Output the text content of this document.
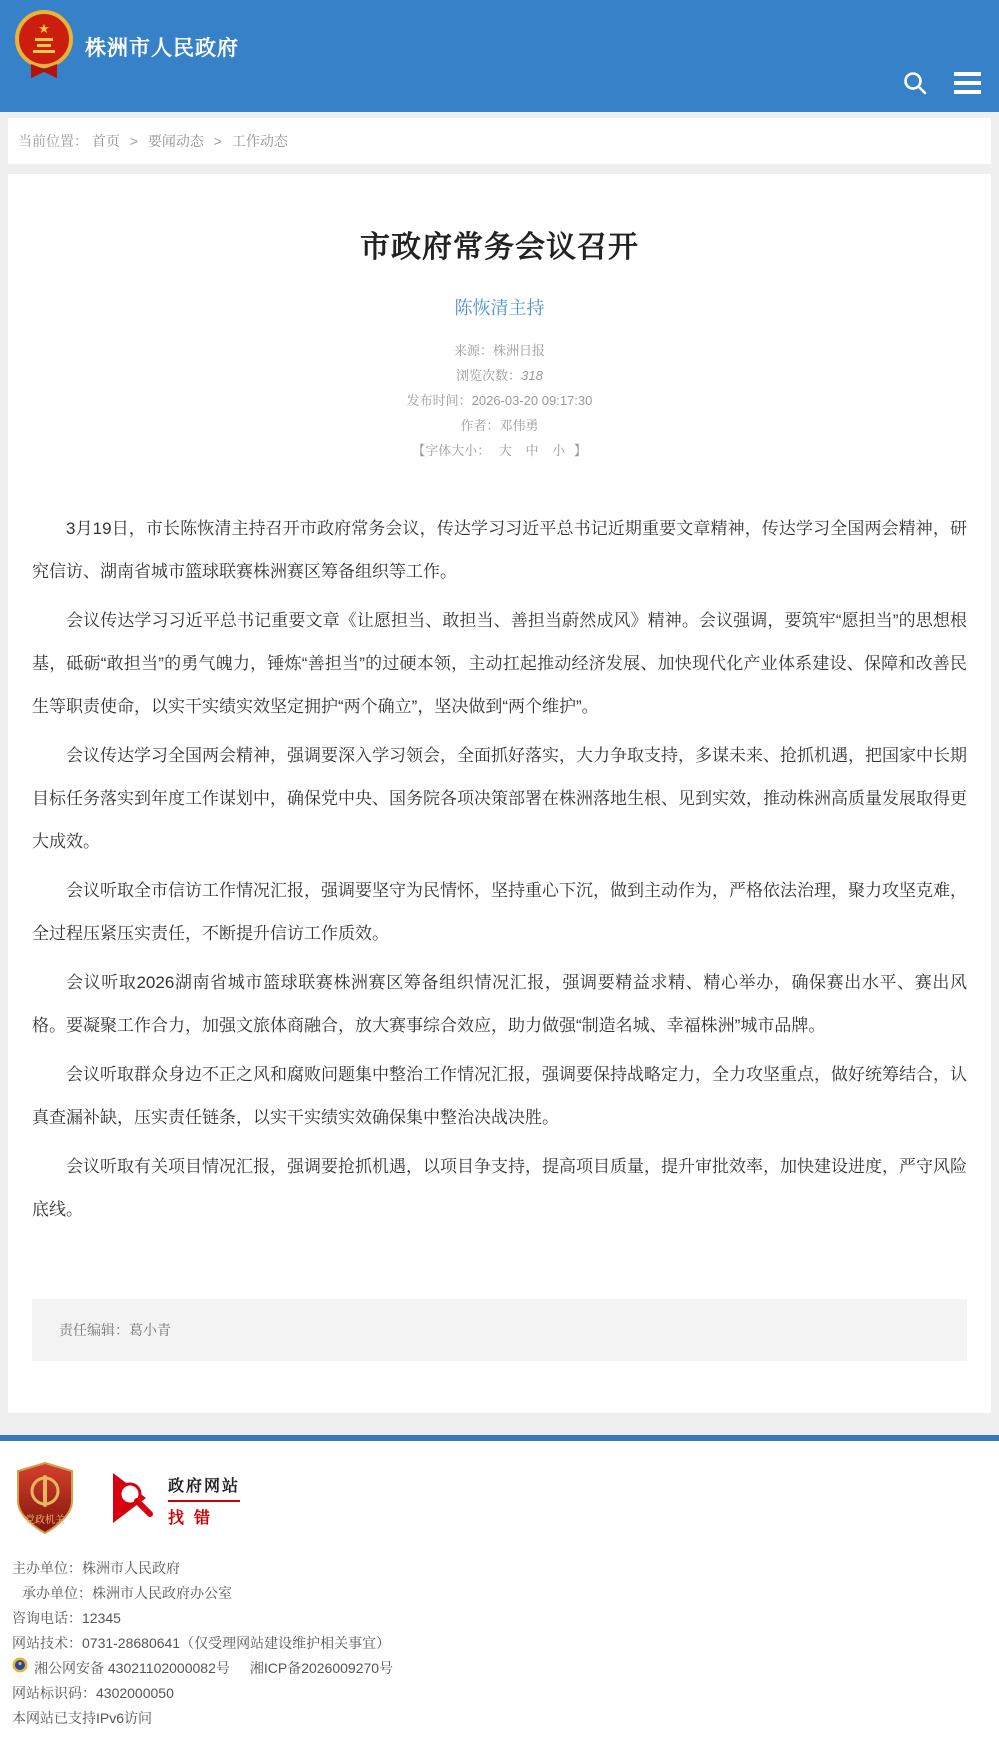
★
株洲市人民政府
当前位置： 首页 > 要闻动态 > 工作动态
市政府常务会议召开
陈恢清主持
来源：株洲日报
浏览次数：318
发布时间：2026-03-20 09:17:30
作者：邓伟勇
【字体大小： 大 中 小 】

3月19日，市长陈恢清主持召开市政府常务会议，传达学习习近平总书记近期重要文章精神，传达学习全国两会精神，研究信访、湖南省城市篮球联赛株洲赛区筹备组织等工作。

会议传达学习习近平总书记重要文章《让愿担当、敢担当、善担当蔚然成风》精神。会议强调，要筑牢“愿担当”的思想根基，砥砺“敢担当”的勇气魄力，锤炼“善担当”的过硬本领，主动扛起推动经济发展、加快现代化产业体系建设、保障和改善民生等职责使命，以实干实绩实效坚定拥护“两个确立”，坚决做到“两个维护”。

会议传达学习全国两会精神，强调要深入学习领会，全面抓好落实，大力争取支持，多谋未来、抢抓机遇，把国家中长期目标任务落实到年度工作谋划中，确保党中央、国务院各项决策部署在株洲落地生根、见到实效，推动株洲高质量发展取得更大成效。

会议听取全市信访工作情况汇报，强调要坚守为民情怀，坚持重心下沉，做到主动作为，严格依法治理，聚力攻坚克难，全过程压紧压实责任，不断提升信访工作质效。

会议听取2026湖南省城市篮球联赛株洲赛区筹备组织情况汇报，强调要精益求精、精心举办，确保赛出水平、赛出风格。要凝聚工作合力，加强文旅体商融合，放大赛事综合效应，助力做强“制造名城、幸福株洲”城市品牌。

会议听取群众身边不正之风和腐败问题集中整治工作情况汇报，强调要保持战略定力，全力攻坚重点，做好统筹结合，认真查漏补缺，压实责任链条，以实干实绩实效确保集中整治决战决胜。

会议听取有关项目情况汇报，强调要抢抓机遇，以项目争支持，提高项目质量，提升审批效率，加快建设进度，严守风险底线。

责任编辑：葛小青
党政机关
政府网站
找错

主办单位：株洲市人民政府

承办单位：株洲市人民政府办公室

咨询电话：12345

网站技术：0731-28680641（仅受理网站建设维护相关事宜）

湘公网安备 43021102000082号 湘ICP备2026009270号

网站标识码：4302000050

本网站已支持IPv6访问
